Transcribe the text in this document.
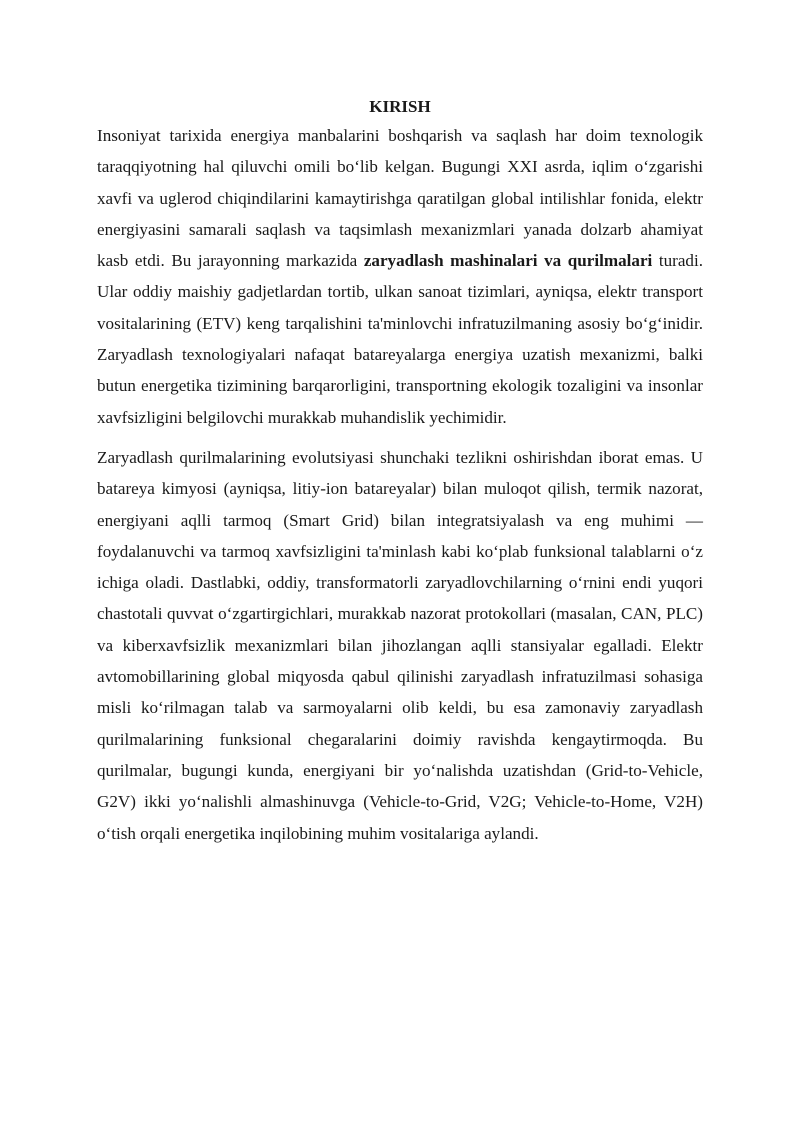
KIRISH

Insoniyat tarixida energiya manbalarini boshqarish va saqlash har doim texnologik taraqqiyotning hal qiluvchi omili bo‘lib kelgan. Bugungi XXI asrda, iqlim o‘zgarishi xavfi va uglerod chiqindilarini kamaytirishga qaratilgan global intilishlar fonida, elektr energiyasini samarali saqlash va taqsimlash mexanizmlari yanada dolzarb ahamiyat kasb etdi. Bu jarayonning markazida zaryadlash mashinalari va qurilmalari turadi. Ular oddiy maishiy gadjetlardan tortib, ulkan sanoat tizimlari, ayniqsa, elektr transport vositalarining (ETV) keng tarqalishini ta'minlovchi infratuzilmaning asosiy bo‘g‘inidir. Zaryadlash texnologiyalari nafaqat batareyalarga energiya uzatish mexanizmi, balki butun energetika tizimining barqarorligini, transportning ekologik tozaligini va insonlar xavfsizligini belgilovchi murakkab muhandislik yechimidir.

Zaryadlash qurilmalarining evolutsiyasi shunchaki tezlikni oshirishdan iborat emas. U batareya kimyosi (ayniqsa, litiy-ion batareyalar) bilan muloqot qilish, termik nazorat, energiyani aqlli tarmoq (Smart Grid) bilan integratsiyalash va eng muhimi — foydalanuvchi va tarmoq xavfsizligini ta'minlash kabi ko‘plab funksional talablarni o‘z ichiga oladi. Dastlabki, oddiy, transformatorli zaryadlovchilarning o‘rnini endi yuqori chastotali quvvat o‘zgartirgichlari, murakkab nazorat protokollari (masalan, CAN, PLC) va kiberxavfsizlik mexanizmlari bilan jihozlangan aqlli stansiyalar egalladi. Elektr avtomobillarining global miqyosda qabul qilinishi zaryadlash infratuzilmasi sohasiga misli ko‘rilmagan talab va sarmoyalarni olib keldi, bu esa zamonaviy zaryadlash qurilmalarining funksional chegaralarini doimiy ravishda kengaytirmoqda. Bu qurilmalar, bugungi kunda, energiyani bir yo‘nalishda uzatishdan (Grid-to-Vehicle, G2V) ikki yo‘nalishli almashinuvga (Vehicle-to-Grid, V2G; Vehicle-to-Home, V2H) o‘tish orqali energetika inqilobining muhim vositalariga aylandi.
